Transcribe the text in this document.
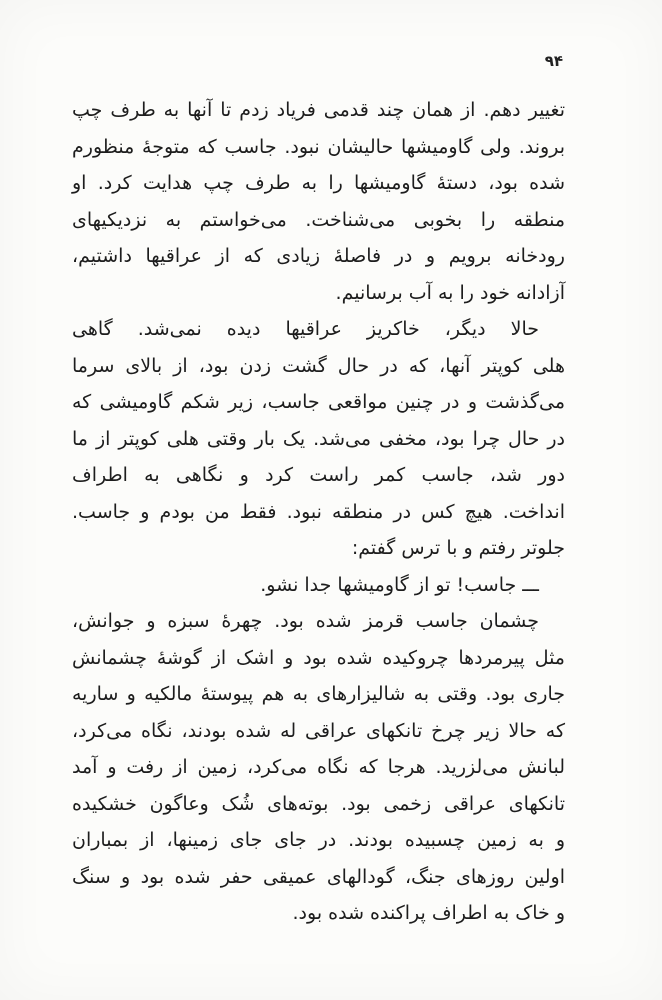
۹۴
تغییر دهم. از همان چند قدمی فریاد زدم تا آنها به طرف چپ
بروند. ولی گاومیشها حالیشان نبود. جاسب که متوجهٔ منظورم
شده بود، دستهٔ گاومیشها را به طرف چپ هدایت کرد. او
منطقه را بخوبی می‌شناخت. می‌خواستم به نزدیکیهای
رودخانه برویم و در فاصلهٔ زیادی که از عراقیها داشتیم،
آزادانه خود را به آب برسانیم.
حالا دیگر، خاکریز عراقیها دیده نمی‌شد. گاهی
هلی کوپتر آنها، که در حال گشت زدن بود، از بالای سرما
می‌گذشت و در چنین مواقعی جاسب، زیر شکم گاومیشی که
در حال چرا بود، مخفی می‌شد. یک بار وقتی هلی کوپتر از ما
دور شد، جاسب کمر راست کرد و نگاهی به اطراف
انداخت. هیچ کس در منطقه نبود. فقط من بودم و جاسب.
جلوتر رفتم و با ترس گفتم:
ـــ جاسب! تو از گاومیشها جدا نشو.
چشمان جاسب قرمز شده بود. چهرهٔ سبزه و جوانش،
مثل پیرمردها چروکیده شده بود و اشک از گوشهٔ چشمانش
جاری بود. وقتی به شالیزارهای به هم پیوستهٔ مالکیه و ساریه
که حالا زیر چرخ تانکهای عراقی له شده بودند، نگاه می‌کرد،
لبانش می‌لزرید. هرجا که نگاه می‌کرد، زمین از رفت و آمد
تانکهای عراقی زخمی بود. بوته‌های شُک وعاگون خشکیده
و به زمین چسبیده بودند. در جای جای زمینها، از بمباران
اولین روزهای جنگ، گودالهای عمیقی حفر شده بود و سنگ
و خاک به اطراف پراکنده شده بود.
